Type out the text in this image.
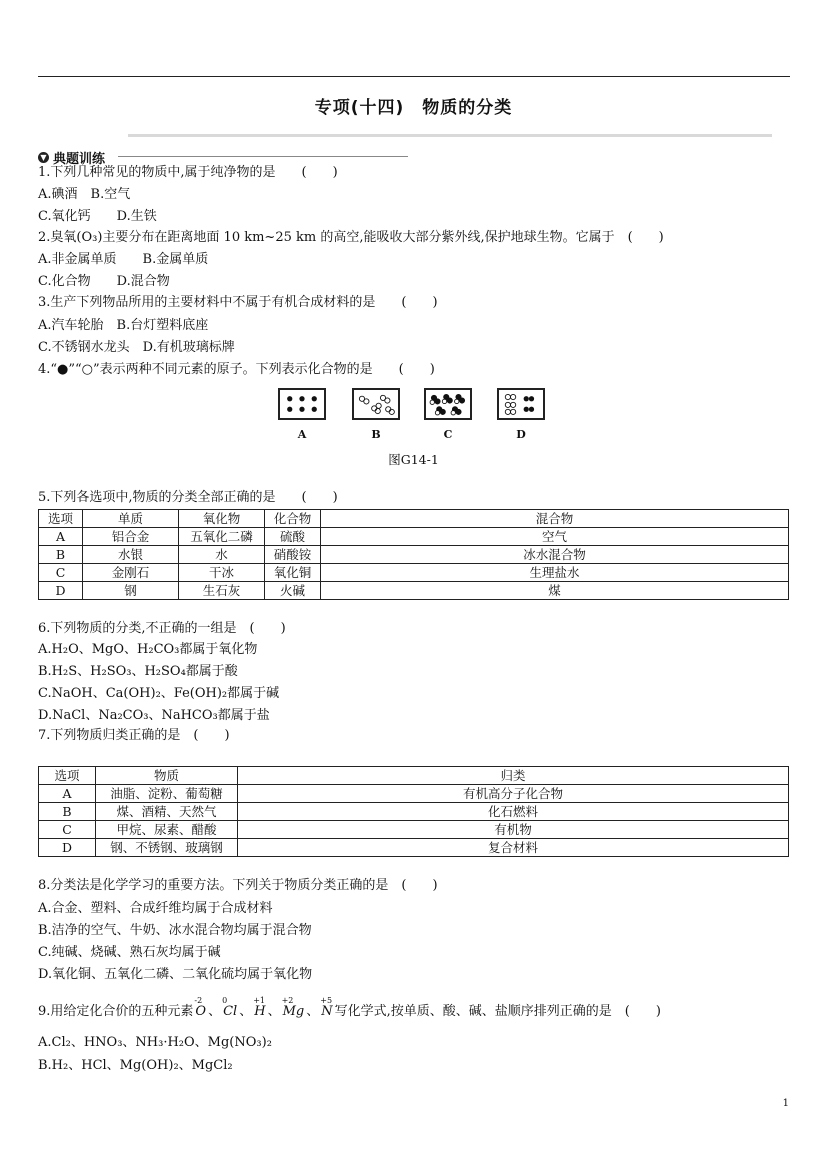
专项(十四)　物质的分类
▼ 典题训练
1.下列几种常见的物质中,属于纯净物的是　　(　　)
A.碘酒　B.空气
C.氧化钙　　D.生铁
2.臭氧(O₃)主要分布在距离地面 10 km~25 km 的高空,能吸收大部分紫外线,保护地球生物。它属于　(　　)
A.非金属单质　　B.金属单质
C.化合物　　D.混合物
3.生产下列物品所用的主要材料中不属于有机合成材料的是　　(　　)
A.汽车轮胎　B.台灯塑料底座
C.不锈钢水龙头　D.有机玻璃标牌
4.“●”“○”表示两种不同元素的原子。下列表示化合物的是　　(　　)
A	B	C	D
图G14-1
5.下列各选项中,物质的分类全部正确的是　　(　　)
选项	单质	氧化物	化合物	混合物
A	铝合金	五氧化二磷	硫酸	空气
B	水银	水	硝酸铵	冰水混合物
C	金刚石	干冰	氧化铜	生理盐水
D	钢	生石灰	火碱	煤
6.下列物质的分类,不正确的一组是　(　　)
A.H₂O、MgO、H₂CO₃都属于氧化物
B.H₂S、H₂SO₃、H₂SO₄都属于酸
C.NaOH、Ca(OH)₂、Fe(OH)₂都属于碱
D.NaCl、Na₂CO₃、NaHCO₃都属于盐
7.下列物质归类正确的是　(　　)
选项	物质	归类
A	油脂、淀粉、葡萄糖	有机高分子化合物
B	煤、酒精、天然气	化石燃料
C	甲烷、尿素、醋酸	有机物
D	钢、不锈钢、玻璃钢	复合材料
8.分类法是化学学习的重要方法。下列关于物质分类正确的是　(　　)
A.合金、塑料、合成纤维均属于合成材料
B.洁净的空气、牛奶、冰水混合物均属于混合物
C.纯碱、烧碱、熟石灰均属于碱
D.氧化铜、五氧化二磷、二氧化硫均属于氧化物
9.用给定化合价的五种元素
-2
O 、
0
Cl 、
+1
H 、
+2
Mg 、
+5
N 写化学式,按单质、酸、碱、盐顺序排列正确的是　(　　)
A.Cl₂、HNO₃、NH₃·H₂O、Mg(NO₃)₂
B.H₂、HCl、Mg(OH)₂、MgCl₂
1
